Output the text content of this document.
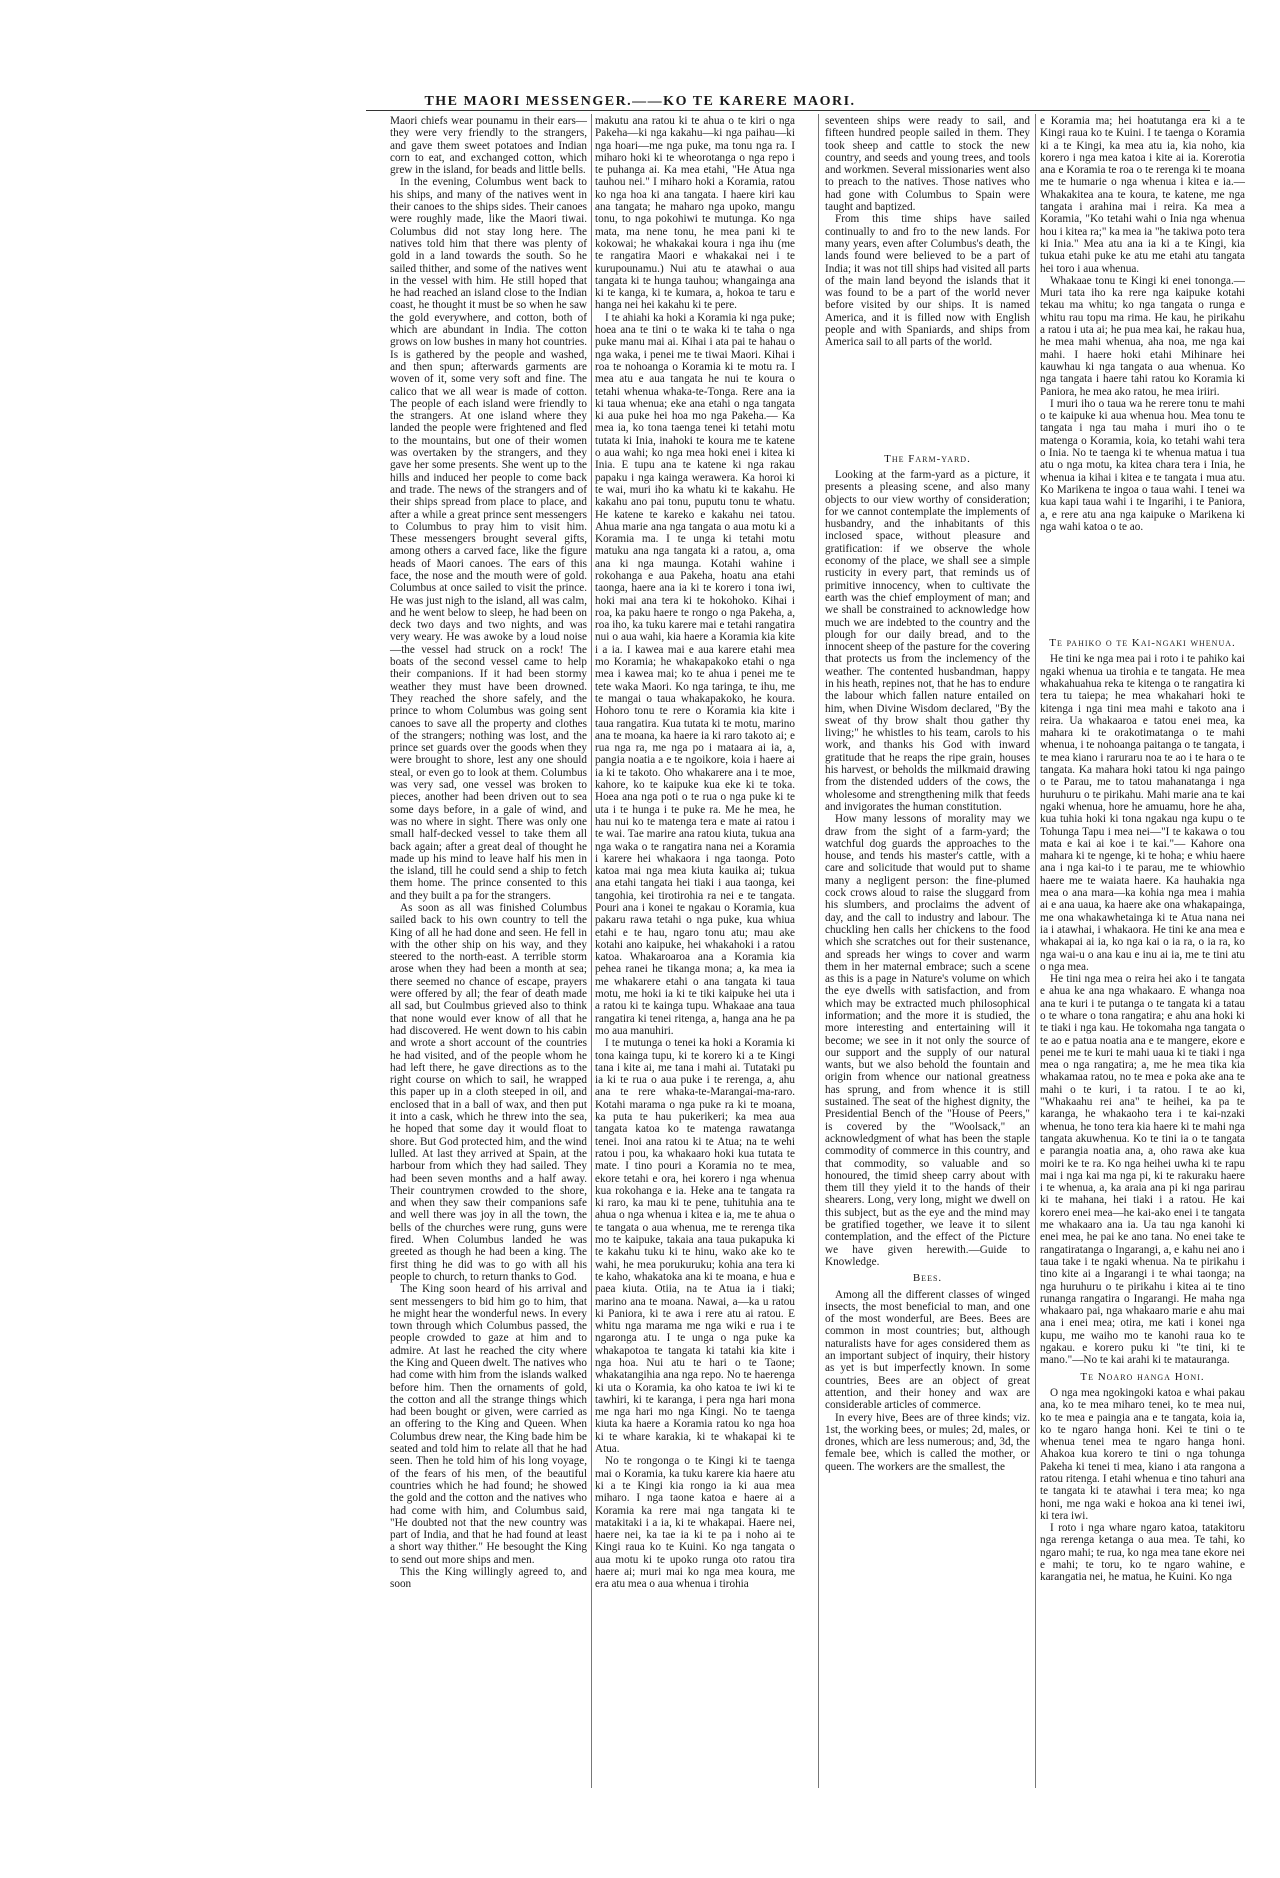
THE MAORI MESSENGER.——KO TE KARERE MAORI.

Maori chiefs wear pounamu in their ears—they were very friendly to the strangers, and gave them sweet potatoes and Indian corn to eat, and exchanged cotton, which grew in the island, for beads and little bells.

In the evening, Columbus went back to his ships, and many of the natives went in their canoes to the ships sides. Their canoes were roughly made, like the Maori tiwai. Columbus did not stay long here. The natives told him that there was plenty of gold in a land towards the south. So he sailed thither, and some of the natives went in the vessel with him. He still hoped that he had reached an island close to the Indian coast, he thought it must be so when he saw the gold everywhere, and cotton, both of which are abundant in India. The cotton grows on low bushes in many hot countries. Is is gathered by the people and washed, and then spun; afterwards garments are woven of it, some very soft and fine. The calico that we all wear is made of cotton. The people of each island were friendly to the strangers. At one island where they landed the people were frightened and fled to the mountains, but one of their women was overtaken by the strangers, and they gave her some presents. She went up to the hills and induced her people to come back and trade. The news of the strangers and of their ships spread from place to place, and after a while a great prince sent messengers to Columbus to pray him to visit him. These messengers brought several gifts, among others a carved face, like the figure heads of Maori canoes. The ears of this face, the nose and the mouth were of gold. Columbus at once sailed to visit the prince. He was just nigh to the island, all was calm, and he went below to sleep, he had been on deck two days and two nights, and was very weary. He was awoke by a loud noise—the vessel had struck on a rock! The boats of the second vessel came to help their companions. If it had been stormy weather they must have been drowned. They reached the shore safely, and the prince to whom Columbus was going sent canoes to save all the property and clothes of the strangers; nothing was lost, and the prince set guards over the goods when they were brought to shore, lest any one should steal, or even go to look at them. Columbus was very sad, one vessel was broken to pieces, another had been driven out to sea some days before, in a gale of wind, and was no where in sight. There was only one small half-decked vessel to take them all back again; after a great deal of thought he made up his mind to leave half his men in the island, till he could send a ship to fetch them home. The prince consented to this and they built a pa for the strangers.

As soon as all was finished Columbus sailed back to his own country to tell the King of all he had done and seen. He fell in with the other ship on his way, and they steered to the north-east. A terrible storm arose when they had been a month at sea; there seemed no chance of escape, prayers were offered by all; the fear of death made all sad, but Coulmbus grieved also to think that none would ever know of all that he had discovered. He went down to his cabin and wrote a short account of the countries he had visited, and of the people whom he had left there, he gave directions as to the right course on which to sail, he wrapped this paper up in a cloth steeped in oil, and enclosed that in a ball of wax, and then put it into a cask, which he threw into the sea, he hoped that some day it would float to shore. But God protected him, and the wind lulled. At last they arrived at Spain, at the harbour from which they had sailed. They had been seven months and a half away. Their countrymen crowded to the shore, and when they saw their companions safe and well there was joy in all the town, the bells of the churches were rung, guns were fired. When Columbus landed he was greeted as though he had been a king. The first thing he did was to go with all his people to church, to return thanks to God.

The King soon heard of his arrival and sent messengers to bid him go to him, that he might hear the wonderful news. In every town through which Columbus passed, the people crowded to gaze at him and to admire. At last he reached the city where the King and Queen dwelt. The natives who had come with him from the islands walked before him. Then the ornaments of gold, the cotton and all the strange things which had been bought or given, were carried as an offering to the King and Queen. When Columbus drew near, the King bade him be seated and told him to relate all that he had seen. Then he told him of his long voyage, of the fears of his men, of the beautiful countries which he had found; he showed the gold and the cotton and the natives who had come with him, and Columbus said, "He doubted not that the new country was part of India, and that he had found at least a short way thither." He besought the King to send out more ships and men.

This the King willingly agreed to, and soon

makutu ana ratou ki te ahua o te kiri o nga Pakeha—ki nga kakahu—ki nga paihau—ki nga hoari—me nga puke, ma tonu nga ra. I miharo hoki ki te wheorotanga o nga repo i te puhanga ai. Ka mea etahi, "He Atua nga tauhou nei." I miharo hoki a Koramia, ratou ko nga hoa ki ana tangata. I haere kiri kau ana tangata; he maharo nga upoko, mangu tonu, to nga pokohiwi te mutunga. Ko nga mata, ma nene tonu, he mea pani ki te kokowai; he whakakai koura i nga ihu (me te rangatira Maori e whakakai nei i te kurupounamu.) Nui atu te atawhai o aua tangata ki te hunga tauhou; whangainga ana ki te kanga, ki te kumara, a, hokoa te taru e hanga nei hei kakahu ki te pere.

I te ahiahi ka hoki a Koramia ki nga puke; hoea ana te tini o te waka ki te taha o nga puke manu mai ai. Kihai i ata pai te hahau o nga waka, i penei me te tiwai Maori. Kihai i roa te nohoanga o Koramia ki te motu ra. I mea atu e aua tangata he nui te koura o tetahi whenua whaka-te-Tonga. Rere ana ia ki taua whenua; eke ana etahi o nga tangata ki aua puke hei hoa mo nga Pakeha.— Ka mea ia, ko tona taenga tenei ki tetahi motu tutata ki Inia, inahoki te koura me te katene o aua wahi; ko nga mea hoki enei i kitea ki Inia. E tupu ana te katene ki nga rakau papaku i nga kainga werawera. Ka horoi ki te wai, muri iho ka whatu ki te kakahu. He kakahu ano pai tonu, puputu tonu te whatu. He katene te kareko e kakahu nei tatou. Ahua marie ana nga tangata o aua motu ki a Koramia ma. I te unga ki tetahi motu matuku ana nga tangata ki a ratou, a, oma ana ki nga maunga. Kotahi wahine i rokohanga e aua Pakeha, hoatu ana etahi taonga, haere ana ia ki te korero i tona iwi, hoki mai ana tera ki te hokohoko. Kihai i roa, ka paku haere te rongo o nga Pakeha, a, roa iho, ka tuku karere mai e tetahi rangatira nui o aua wahi, kia haere a Koramia kia kite i a ia. I kawea mai e aua karere etahi mea mo Koramia; he whakapakoko etahi o nga mea i kawea mai; ko te ahua i penei me te tete waka Maori. Ko nga taringa, te ihu, me te mangai o taua whakapakoko, he koura. Hohoro tonu te rere o Koramia kia kite i taua rangatira. Kua tutata ki te motu, marino ana te moana, ka haere ia ki raro takoto ai; e rua nga ra, me nga po i mataara ai ia, a, pangia noatia a e te ngoikore, koia i haere ai ia ki te takoto. Oho whakarere ana i te moe, kahore, ko te kaipuke kua eke ki te toka. Hoea ana nga poti o te rua o nga puke ki te uta i te hunga i te puke ra. Me he mea, he hau nui ko te matenga tera e mate ai ratou i te wai. Tae marire ana ratou kiuta, tukua ana nga waka o te rangatira nana nei a Koramia i karere hei whakaora i nga taonga. Poto katoa mai nga mea kiuta kauika ai; tukua ana etahi tangata hei tiaki i aua taonga, kei tangohia, kei tirotirohia ra nei e te tangata. Pouri ana i konei te ngakau o Koramia, kua pakaru rawa tetahi o nga puke, kua whiua etahi e te hau, ngaro tonu atu; mau ake kotahi ano kaipuke, hei whakahoki i a ratou katoa. Whakaroaroa ana a Koramia kia pehea ranei he tikanga mona; a, ka mea ia me whakarere etahi o ana tangata ki taua motu, me hoki ia ki te tiki kaipuke hei uta i a ratou ki te kainga tupu. Whakaae ana taua rangatira ki tenei ritenga, a, hanga ana he pa mo aua manuhiri.

I te mutunga o tenei ka hoki a Koramia ki tona kainga tupu, ki te korero ki a te Kingi tana i kite ai, me tana i mahi ai. Tutataki pu ia ki te rua o aua puke i te rerenga, a, ahu ana te rere whaka-te-Marangai-ma-raro. Kotahi marama o nga puke ra ki te moana, ka puta te hau pukerikeri; ka mea aua tangata katoa ko te matenga rawatanga tenei. Inoi ana ratou ki te Atua; na te wehi ratou i pou, ka whakaaro hoki kua tutata te mate. I tino pouri a Koramia no te mea, ekore tetahi e ora, hei korero i nga whenua kua rokohanga e ia. Heke ana te tangata ra ki raro, ka mau ki te pene, tuhituhia ana te ahua o nga whenua i kitea e ia, me te ahua o te tangata o aua whenua, me te rerenga tika mo te kaipuke, takaia ana taua pukapuka ki te kakahu tuku ki te hinu, wako ake ko te wahi, he mea porukuruku; kohia ana tera ki te kaho, whakatoka ana ki te moana, e hua e paea kiuta. Otiia, na te Atua ia i tiaki; marino ana te moana. Nawai, a—ka u ratou ki Paniora, ki te awa i rere atu ai ratou. E whitu nga marama me nga wiki e rua i te ngaronga atu. I te unga o nga puke ka whakapotoa te tangata ki tatahi kia kite i nga hoa. Nui atu te hari o te Taone; whakatangihia ana nga repo. No te haerenga ki uta o Koramia, ka oho katoa te iwi ki te tawhiri, ki te karanga, i pera nga hari mona me nga hari mo nga Kingi. No te taenga kiuta ka haere a Koramia ratou ko nga hoa ki te whare karakia, ki te whakapai ki te Atua.

No te rongonga o te Kingi ki te taenga mai o Koramia, ka tuku karere kia haere atu ki a te Kingi kia rongo ia ki aua mea miharo. I nga taone katoa e haere ai a Koramia ka rere mai nga tangata ki te matakitaki i a ia, ki te whakapai. Haere nei, haere nei, ka tae ia ki te pa i noho ai te Kingi raua ko te Kuini. Ko nga tangata o aua motu ki te upoko runga oto ratou tira haere ai; muri mai ko nga mea koura, me era atu mea o aua whenua i tirohia

seventeen ships were ready to sail, and fifteen hundred people sailed in them. They took sheep and cattle to stock the new country, and seeds and young trees, and tools and workmen. Several missionaries went also to preach to the natives. Those natives who had gone with Columbus to Spain were taught and baptized.

From this time ships have sailed continually to and fro to the new lands. For many years, even after Columbus's death, the lands found were believed to be a part of India; it was not till ships had visited all parts of the main land beyond the islands that it was found to be a part of the world never before visited by our ships. It is named America, and it is filled now with English people and with Spaniards, and ships from America sail to all parts of the world.

The Farm-yard.

Looking at the farm-yard as a picture, it presents a pleasing scene, and also many objects to our view worthy of consideration; for we cannot contemplate the implements of husbandry, and the inhabitants of this inclosed space, without pleasure and gratification: if we observe the whole economy of the place, we shall see a simple rusticity in every part, that reminds us of primitive innocency, when to cultivate the earth was the chief employment of man; and we shall be constrained to acknowledge how much we are indebted to the country and the plough for our daily bread, and to the innocent sheep of the pasture for the covering that protects us from the inclemency of the weather. The contented husbandman, happy in his heath, repines not, that he has to endure the labour which fallen nature entailed on him, when Divine Wisdom declared, "By the sweat of thy brow shalt thou gather thy living;" he whistles to his team, carols to his work, and thanks his God with inward gratitude that he reaps the ripe grain, houses his harvest, or beholds the milkmaid drawing from the distended udders of the cows, the wholesome and strengthening milk that feeds and invigorates the human constitution.

How many lessons of morality may we draw from the sight of a farm-yard; the watchful dog guards the approaches to the house, and tends his master's cattle, with a care and solicitude that would put to shame many a negligent person: the fine-plumed cock crows aloud to raise the sluggard from his slumbers, and proclaims the advent of day, and the call to industry and labour. The chuckling hen calls her chickens to the food which she scratches out for their sustenance, and spreads her wings to cover and warm them in her maternal embrace; such a scene as this is a page in Nature's volume on which the eye dwells with satisfaction, and from which may be extracted much philosophical information; and the more it is studied, the more interesting and entertaining will it become; we see in it not only the source of our support and the supply of our natural wants, but we also behold the fountain and origin from whence our national greatness has sprung, and from whence it is still sustained. The seat of the highest dignity, the Presidential Bench of the "House of Peers," is covered by the "Woolsack," an acknowledgment of what has been the staple commodity of commerce in this country, and that commodity, so valuable and so honoured, the timid sheep carry about with them till they yield it to the hands of their shearers. Long, very long, might we dwell on this subject, but as the eye and the mind may be gratified together, we leave it to silent contemplation, and the effect of the Picture we have given herewith.—Guide to Knowledge.

Bees.

Among all the different classes of winged insects, the most beneficial to man, and one of the most wonderful, are Bees. Bees are common in most countries; but, although naturalists have for ages considered them as an important subject of inquiry, their history as yet is but imperfectly known. In some countries, Bees are an object of great attention, and their honey and wax are considerable articles of commerce.

In every hive, Bees are of three kinds; viz. 1st, the working bees, or mules; 2d, males, or drones, which are less numerous; and, 3d, the female bee, which is called the mother, or queen. The workers are the smallest, the

e Koramia ma; hei hoatutanga era ki a te Kingi raua ko te Kuini. I te taenga o Koramia ki a te Kingi, ka mea atu ia, kia noho, kia korero i nga mea katoa i kite ai ia. Korerotia ana e Koramia te roa o te rerenga ki te moana me te humarie o nga whenua i kitea e ia.— Whakakitea ana te koura, te katene, me nga tangata i arahina mai i reira. Ka mea a Koramia, "Ko tetahi wahi o Inia nga whenua hou i kitea ra;" ka mea ia "he takiwa poto tera ki Inia." Mea atu ana ia ki a te Kingi, kia tukua etahi puke ke atu me etahi atu tangata hei toro i aua whenua.

Whakaae tonu te Kingi ki enei tononga.— Muri tata iho ka rere nga kaipuke kotahi tekau ma whitu; ko nga tangata o runga e whitu rau topu ma rima. He kau, he pirikahu a ratou i uta ai; he pua mea kai, he rakau hua, he mea mahi whenua, aha noa, me nga kai mahi. I haere hoki etahi Mihinare hei kauwhau ki nga tangata o aua whenua. Ko nga tangata i haere tahi ratou ko Koramia ki Paniora, he mea ako ratou, he mea iriiri.

I muri iho o taua wa he rerere tonu te mahi o te kaipuke ki aua whenua hou. Mea tonu te tangata i nga tau maha i muri iho o te matenga o Koramia, koia, ko tetahi wahi tera o Inia. No te taenga ki te whenua matua i tua atu o nga motu, ka kitea chara tera i Inia, he whenua ia kihai i kitea e te tangata i mua atu. Ko Marikena te ingoa o taua wahi. I tenei wa kua kapi taua wahi i te Ingarihi, i te Paniora, a, e rere atu ana nga kaipuke o Marikena ki nga wahi katoa o te ao.

Te pahiko o te Kai-ngaki whenua.

He tini ke nga mea pai i roto i te pahiko kai ngaki whenua ua tirohia e te tangata. He mea whakahuahua reka te kitenga o te rangatira ki tera tu taiepa; he mea whakahari hoki te kitenga i nga tini mea mahi e takoto ana i reira. Ua whakaaroa e tatou enei mea, ka mahara ki te orakotimatanga o te mahi whenua, i te nohoanga paitanga o te tangata, i te mea kiano i raruraru noa te ao i te hara o te tangata. Ka mahara hoki tatou ki nga paingo o te Parau, me to tatou mahanatanga i nga huruhuru o te pirikahu. Mahi marie ana te kai ngaki whenua, hore he amuamu, hore he aha, kua tuhia hoki ki tona ngakau nga kupu o te Tohunga Tapu i mea nei—"I te kakawa o tou mata e kai ai koe i te kai."— Kahore ona mahara ki te ngenge, ki te hoha; e whiu haere ana i nga kai-to i te parau, me te whiowhio haere me te waiata haere. Ka hauhakia nga mea o ana mara—ka kohia nga mea i mahia ai e ana uaua, ka haere ake ona whakapainga, me ona whakawhetainga ki te Atua nana nei ia i atawhai, i whakaora. He tini ke ana mea e whakapai ai ia, ko nga kai o ia ra, o ia ra, ko nga wai-u o ana kau e inu ai ia, me te tini atu o nga mea.

He tini nga mea o reira hei ako i te tangata e ahua ke ana nga whakaaro. E whanga noa ana te kuri i te putanga o te tangata ki a tatau o te whare o tona rangatira; e ahu ana hoki ki te tiaki i nga kau. He tokomaha nga tangata o te ao e patua noatia ana e te mangere, ekore e penei me te kuri te mahi uaua ki te tiaki i nga mea o nga rangatira; a, me he mea tika kia whakamaa ratou, no te mea e poka ake ana te mahi o te kuri, i ta ratou. I te ao ki, "Whakaahu rei ana" te heihei, ka pa te karanga, he whakaoho tera i te kai-nzaki whenua, he tono tera kia haere ki te mahi nga tangata akuwhenua. Ko te tini ia o te tangata e parangia noatia ana, a, oho rawa ake kua moiri ke te ra. Ko nga heihei uwha ki te rapu mai i nga kai ma nga pi, ki te rakuraku haere i te whenua, a, ka araia ana pi ki nga parirau ki te mahana, hei tiaki i a ratou. He kai korero enei mea—he kai-ako enei i te tangata me whakaaro ana ia. Ua tau nga kanohi ki enei mea, he pai ke ano tana. No enei take te rangatiratanga o Ingarangi, a, e kahu nei ano i taua take i te ngaki whenua. Na te pirikahu i tino kite ai a Ingarangi i te whai taonga; na nga huruhuru o te pirikahu i kitea ai te tino runanga rangatira o Ingarangi. He maha nga whakaaro pai, nga whakaaro marie e ahu mai ana i enei mea; otira, me kati i konei nga kupu, me waiho mo te kanohi raua ko te ngakau. e korero puku ki "te tini, ki te mano."—No te kai arahi ki te matauranga.

Te Noaro hanga Honi.

O nga mea ngokingoki katoa e whai pakau ana, ko te mea miharo tenei, ko te mea nui, ko te mea e paingia ana e te tangata, koia ia, ko te ngaro hanga honi. Kei te tini o te whenua tenei mea te ngaro hanga honi. Ahakoa kua korero te tini o nga tohunga Pakeha ki tenei ti mea, kiano i ata rangona a ratou ritenga. I etahi whenua e tino tahuri ana te tangata ki te atawhai i tera mea; ko nga honi, me nga waki e hokoa ana ki tenei iwi, ki tera iwi.

I roto i nga whare ngaro katoa, tatakitoru nga rerenga ketanga o aua mea. Te tahi, ko ngaro mahi; te rua, ko nga mea tane ekore nei e mahi; te toru, ko te ngaro wahine, e karangatia nei, he matua, he Kuini. Ko nga
